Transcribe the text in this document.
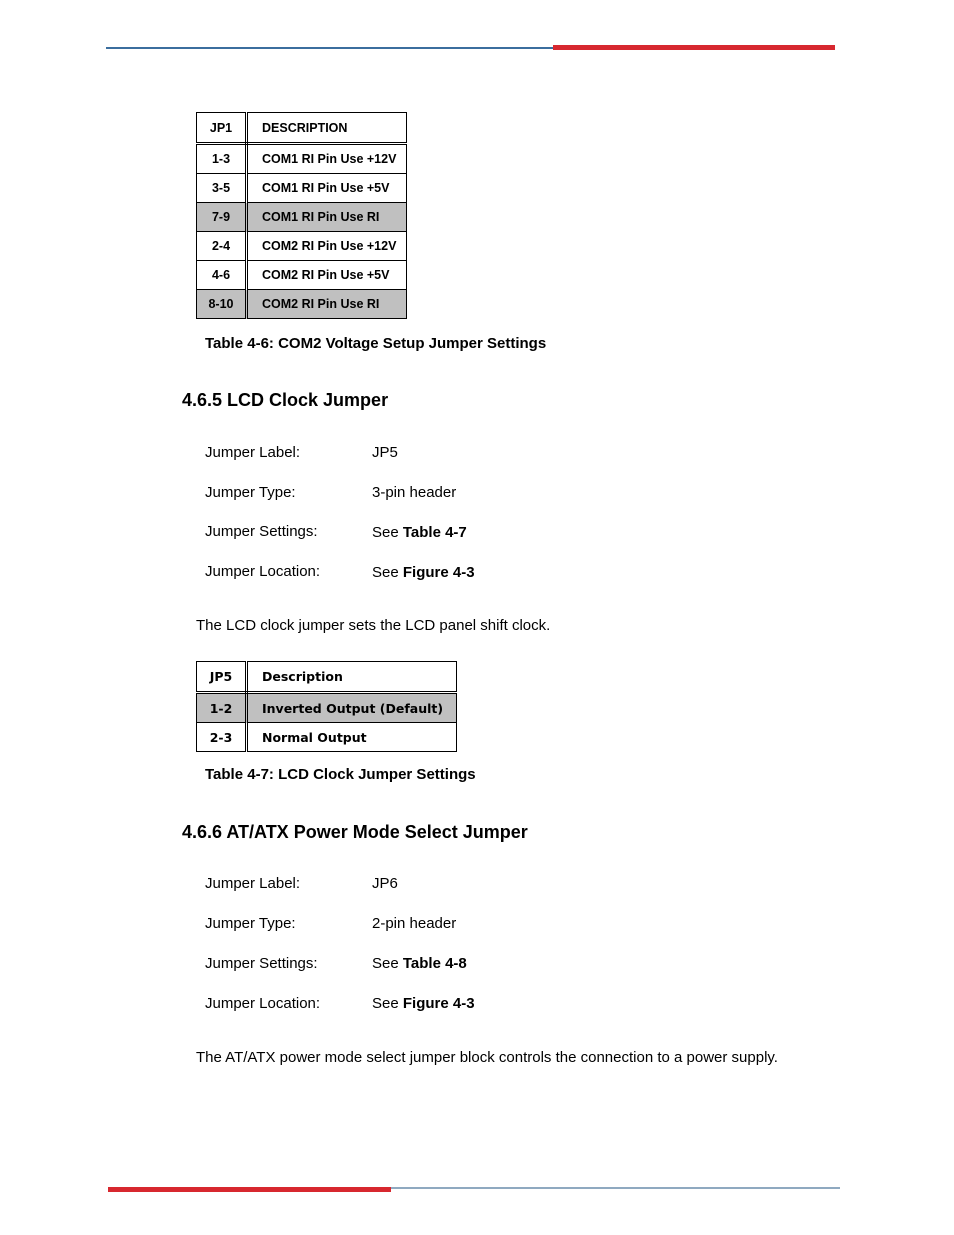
JP1	DESCRIPTION
1-3	COM1 RI Pin Use +12V
3-5	COM1 RI Pin Use +5V
7-9	COM1 RI Pin Use RI
2-4	COM2 RI Pin Use +12V
4-6	COM2 RI Pin Use +5V
8-10	COM2 RI Pin Use RI
Table 4-6: COM2 Voltage Setup Jumper Settings
4.6.5 LCD Clock Jumper
Jumper Label:	JP5
Jumper Type:	3-pin header
Jumper Settings:	See Table 4-7
Jumper Location:	See Figure 4-3
The LCD clock jumper sets the LCD panel shift clock.
JP5	Description
1-2	Inverted Output (Default)
2-3	Normal Output
Table 4-7: LCD Clock Jumper Settings
4.6.6 AT/ATX Power Mode Select Jumper
Jumper Label:	JP6
Jumper Type:	2-pin header
Jumper Settings:	See Table 4-8
Jumper Location:	See Figure 4-3
The AT/ATX power mode select jumper block controls the connection to a power supply.
